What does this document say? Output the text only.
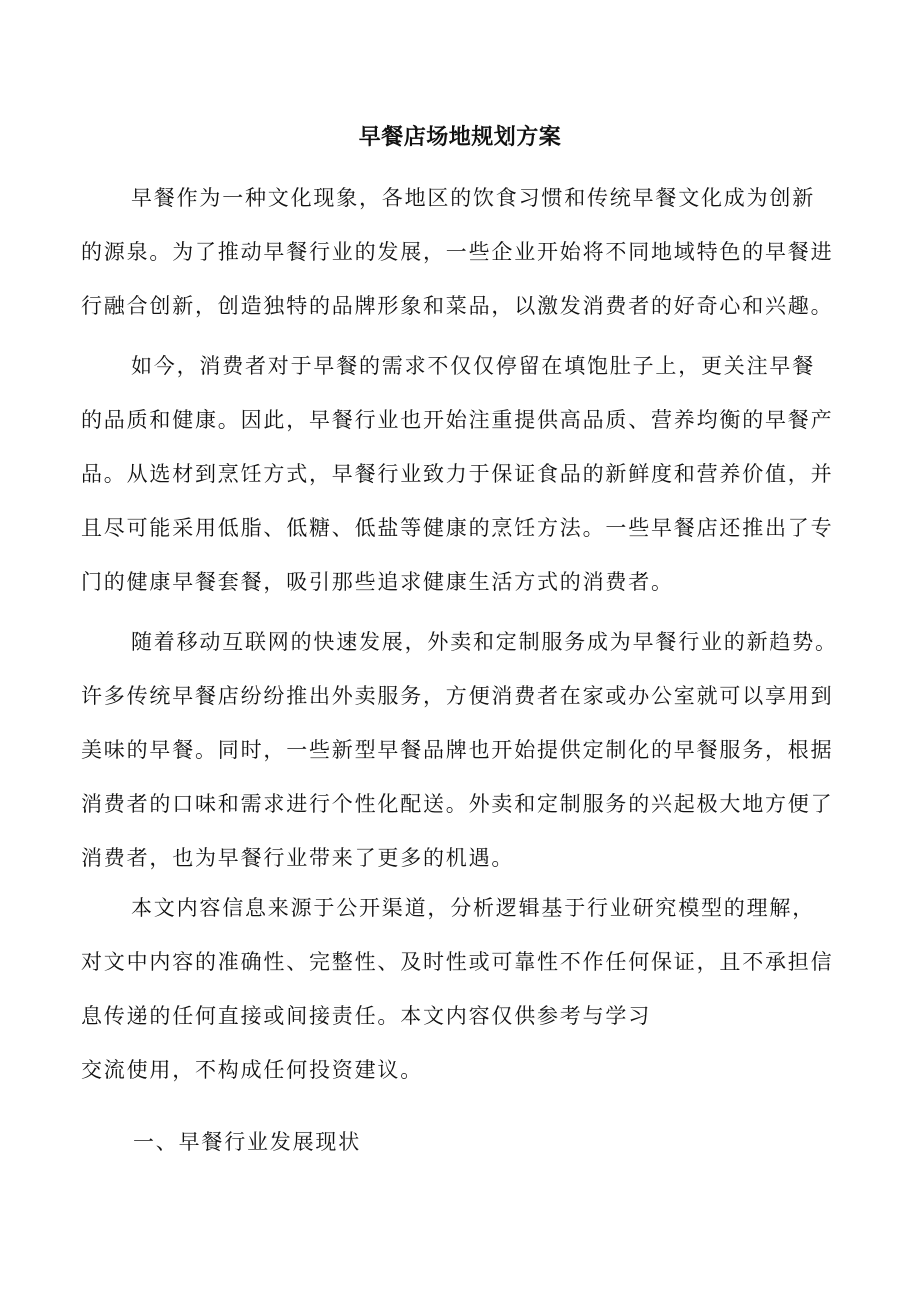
早餐店场地规划方案
早餐作为一种文化现象，各地区的饮食习惯和传统早餐文化成为创新
的源泉。为了推动早餐行业的发展，一些企业开始将不同地域特色的早餐进
行融合创新，创造独特的品牌形象和菜品，以激发消费者的好奇心和兴趣。
如今，消费者对于早餐的需求不仅仅停留在填饱肚子上，更关注早餐
的品质和健康。因此，早餐行业也开始注重提供高品质、营养均衡的早餐产
品。从选材到烹饪方式，早餐行业致力于保证食品的新鲜度和营养价值，并
且尽可能采用低脂、低糖、低盐等健康的烹饪方法。一些早餐店还推出了专
门的健康早餐套餐，吸引那些追求健康生活方式的消费者。
随着移动互联网的快速发展，外卖和定制服务成为早餐行业的新趋势。
许多传统早餐店纷纷推出外卖服务，方便消费者在家或办公室就可以享用到
美味的早餐。同时，一些新型早餐品牌也开始提供定制化的早餐服务，根据
消费者的口味和需求进行个性化配送。外卖和定制服务的兴起极大地方便了
消费者，也为早餐行业带来了更多的机遇。
本文内容信息来源于公开渠道，分析逻辑基于行业研究模型的理解，
对文中内容的准确性、完整性、及时性或可靠性不作任何保证，且不承担信
息传递的任何直接或间接责任。本文内容仅供参考与学习
交流使用，不构成任何投资建议。
一、早餐行业发展现状
